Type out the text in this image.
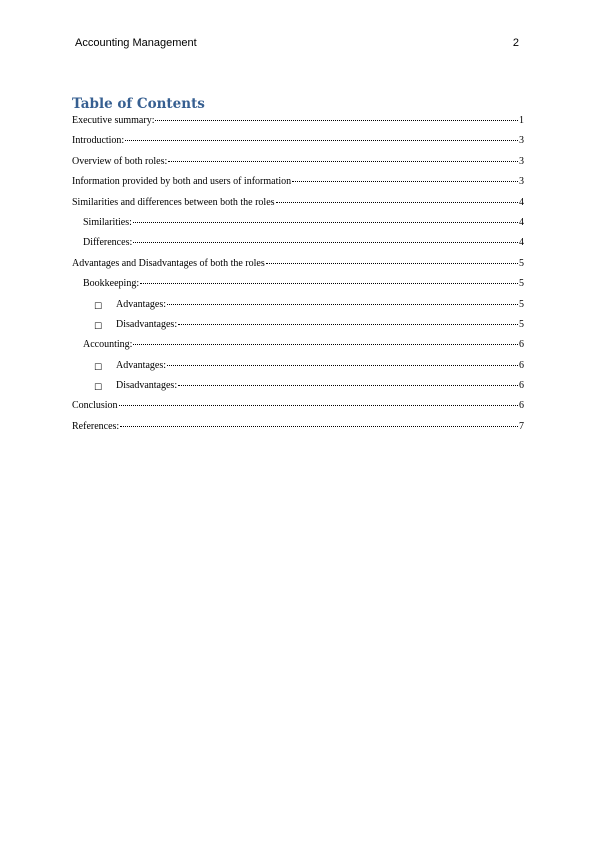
Accounting Management	2
Table of Contents
Executive summary:	1
Introduction:	3
Overview of both roles:	3
Information provided by both and users of information	3
Similarities and differences between both the roles	4
Similarities:	4
Differences:	4
Advantages and Disadvantages of both the roles	5
Bookkeeping:	5
☐ Advantages:	5
☐ Disadvantages:	5
Accounting:	6
☐ Advantages:	6
☐ Disadvantages:	6
Conclusion	6
References:	7
